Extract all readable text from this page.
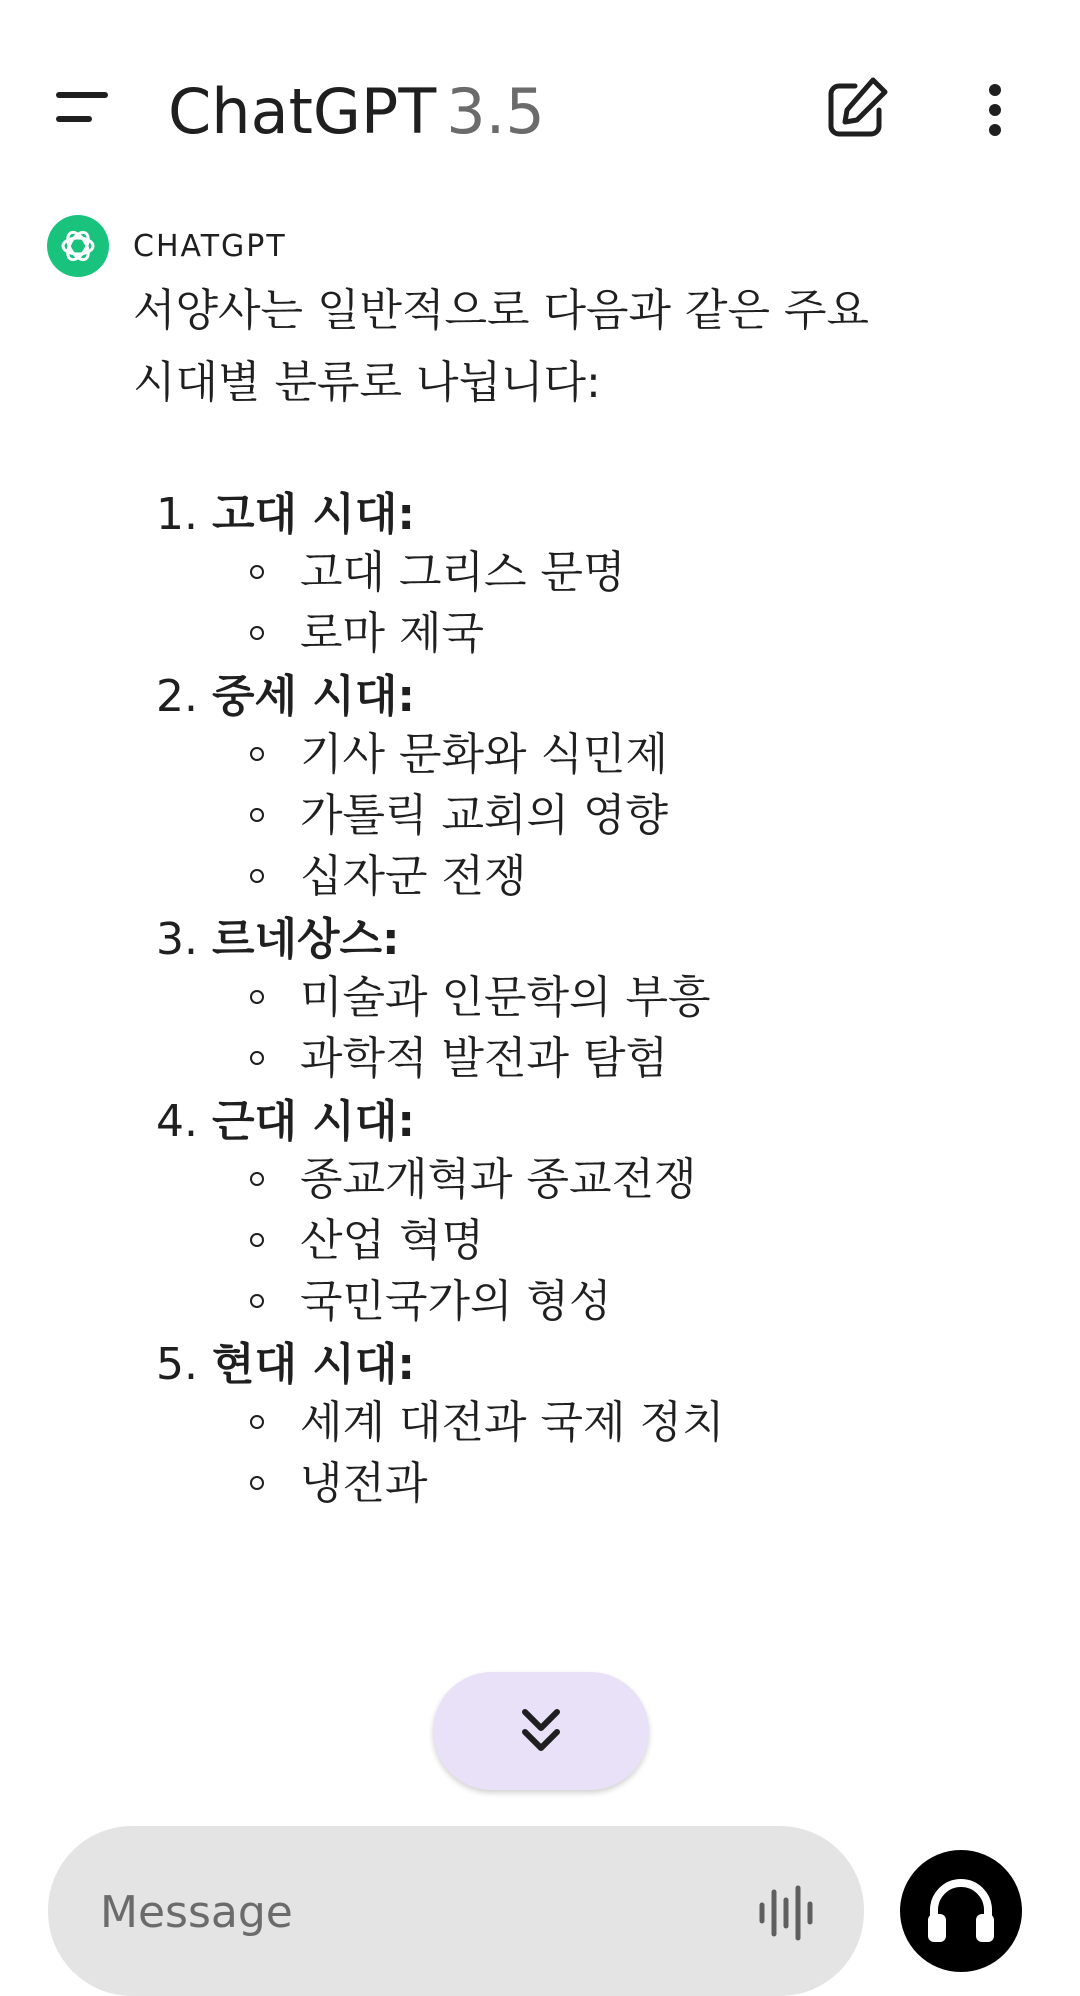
ChatGPT 3.5
CHATGPT
서양사는 일반적으로 다음과 같은 주요
시대별 분류로 나뉩니다:
1. 고대 시대:
고대 그리스 문명
로마 제국
2. 중세 시대:
기사 문화와 식민제
가톨릭 교회의 영향
십자군 전쟁
3. 르네상스:
미술과 인문학의 부흥
과학적 발전과 탐험
4. 근대 시대:
종교개혁과 종교전쟁
산업 혁명
국민국가의 형성
5. 현대 시대:
세계 대전과 국제 정치
냉전과
Message
